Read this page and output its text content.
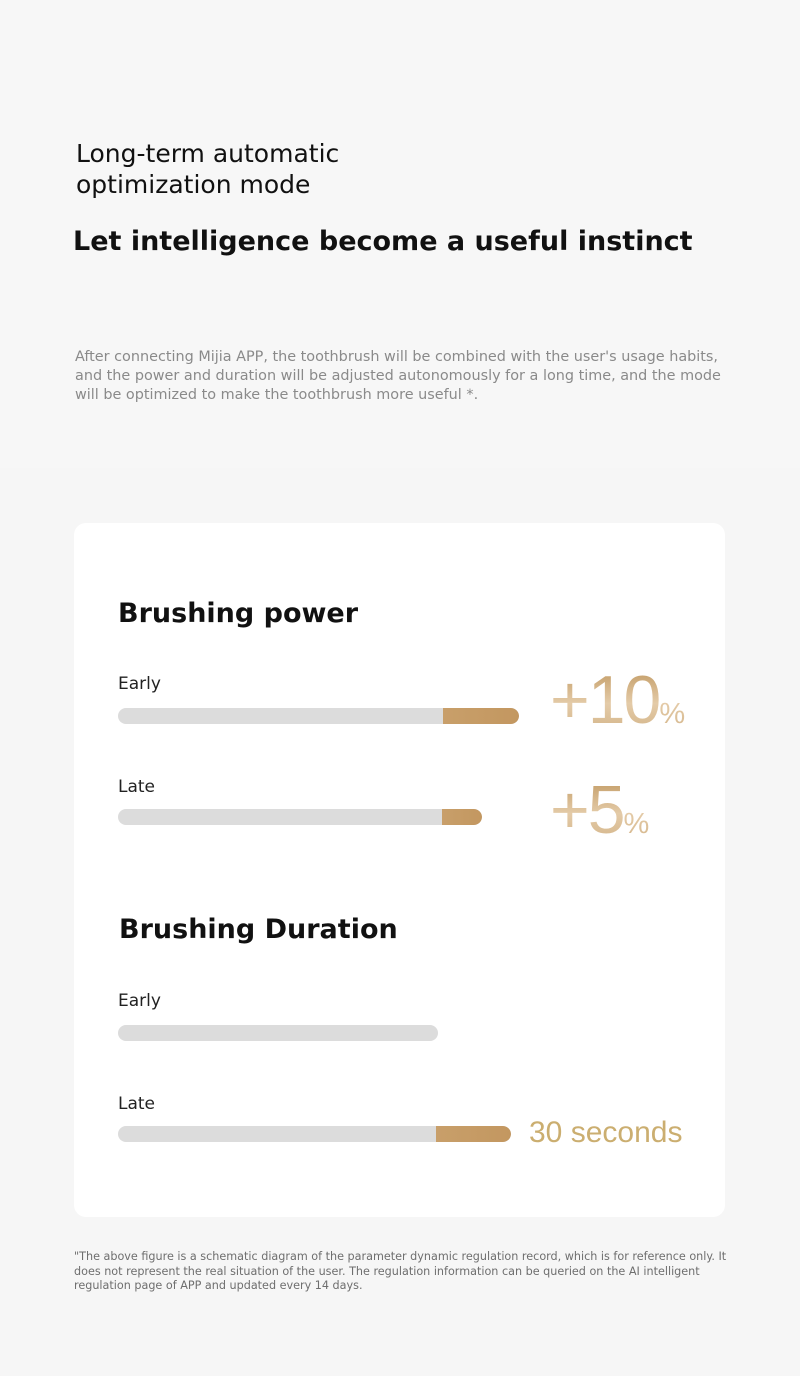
Long-term automatic optimization mode
Let intelligence become a useful instinct

After connecting Mijia APP, the toothbrush will be combined with the user's usage habits, and the power and duration will be adjusted autonomously for a long time, and the mode will be optimized to make the toothbrush more useful *.

Brushing power
Early	+10%
Late	+5%
Brushing Duration
Early
Late
30 seconds

"The above figure is a schematic diagram of the parameter dynamic regulation record, which is for reference only. It does not represent the real situation of the user. The regulation information can be queried on the AI intelligent regulation page of APP and updated every 14 days.
